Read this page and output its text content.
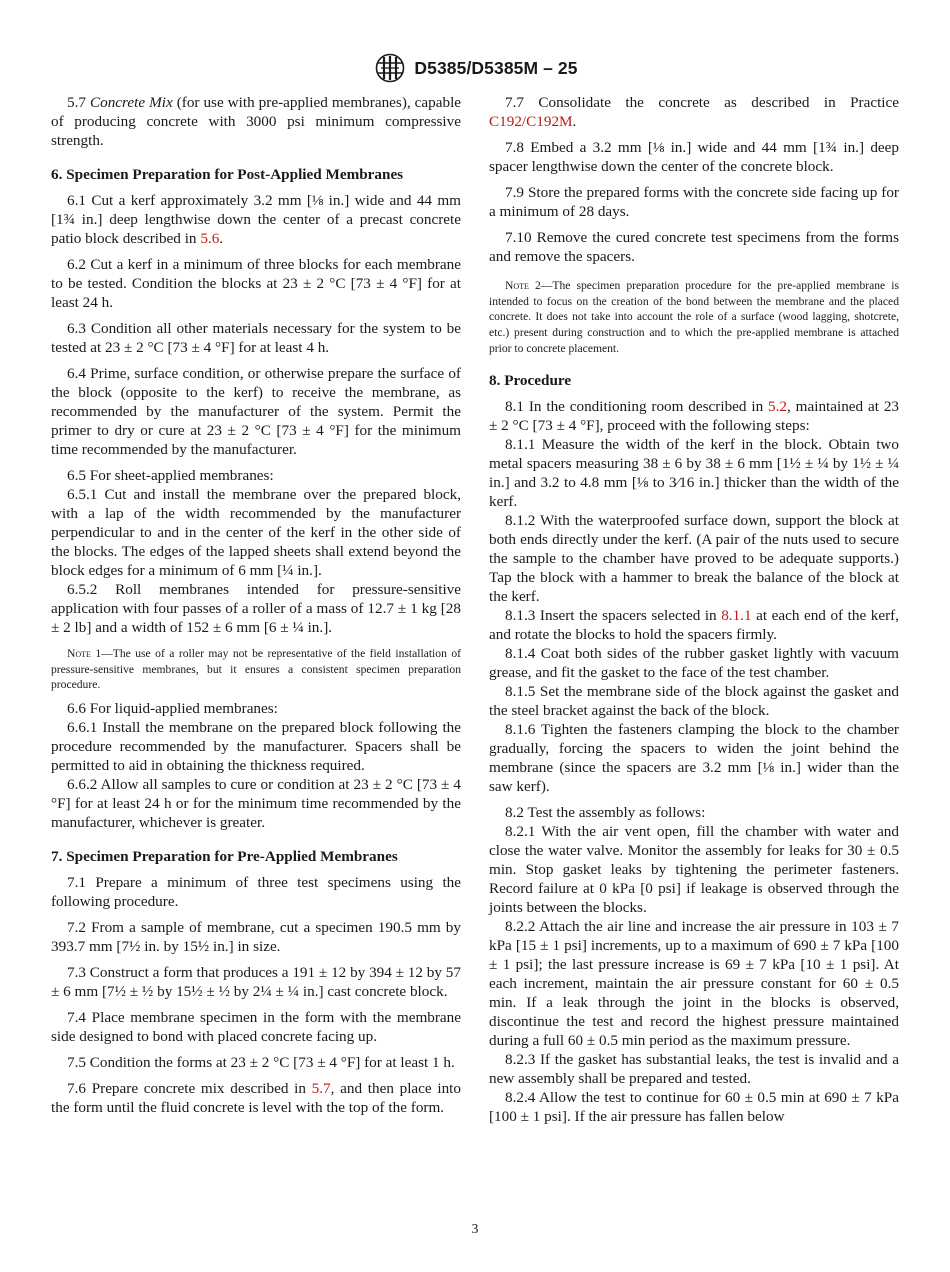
D5385/D5385M – 25

5.7 Concrete Mix (for use with pre-applied membranes), capable of producing concrete with 3000 psi minimum compressive strength.

6. Specimen Preparation for Post-Applied Membranes

6.1 Cut a kerf approximately 3.2 mm [⅛ in.] wide and 44 mm [1¾ in.] deep lengthwise down the center of a precast concrete patio block described in 5.6.

6.2 Cut a kerf in a minimum of three blocks for each membrane to be tested. Condition the blocks at 23 ± 2 °C [73 ± 4 °F] for at least 24 h.

6.3 Condition all other materials necessary for the system to be tested at 23 ± 2 °C [73 ± 4 °F] for at least 4 h.

6.4 Prime, surface condition, or otherwise prepare the surface of the block (opposite to the kerf) to receive the membrane, as recommended by the manufacturer of the system. Permit the primer to dry or cure at 23 ± 2 °C [73 ± 4 °F] for the minimum time recommended by the manufacturer.

6.5 For sheet-applied membranes:

6.5.1 Cut and install the membrane over the prepared block, with a lap of the width recommended by the manufacturer perpendicular to and in the center of the kerf in the other side of the blocks. The edges of the lapped sheets shall extend beyond the block edges for a minimum of 6 mm [¼ in.].

6.5.2 Roll membranes intended for pressure-sensitive application with four passes of a roller of a mass of 12.7 ± 1 kg [28 ± 2 lb] and a width of 152 ± 6 mm [6 ± ¼ in.].

Note 1—The use of a roller may not be representative of the field installation of pressure-sensitive membranes, but it ensures a consistent specimen preparation procedure.

6.6 For liquid-applied membranes:

6.6.1 Install the membrane on the prepared block following the procedure recommended by the manufacturer. Spacers shall be permitted to aid in obtaining the thickness required.

6.6.2 Allow all samples to cure or condition at 23 ± 2 °C [73 ± 4 °F] for at least 24 h or for the minimum time recommended by the manufacturer, whichever is greater.

7. Specimen Preparation for Pre-Applied Membranes

7.1 Prepare a minimum of three test specimens using the following procedure.

7.2 From a sample of membrane, cut a specimen 190.5 mm by 393.7 mm [7½ in. by 15½ in.] in size.

7.3 Construct a form that produces a 191 ± 12 by 394 ± 12 by 57 ± 6 mm [7½ ± ½ by 15½ ± ½ by 2¼ ± ¼ in.] cast concrete block.

7.4 Place membrane specimen in the form with the membrane side designed to bond with placed concrete facing up.

7.5 Condition the forms at 23 ± 2 °C [73 ± 4 °F] for at least 1 h.

7.6 Prepare concrete mix described in 5.7, and then place into the form until the fluid concrete is level with the top of the form.

7.7 Consolidate the concrete as described in Practice C192/C192M.

7.8 Embed a 3.2 mm [⅛ in.] wide and 44 mm [1¾ in.] deep spacer lengthwise down the center of the concrete block.

7.9 Store the prepared forms with the concrete side facing up for a minimum of 28 days.

7.10 Remove the cured concrete test specimens from the forms and remove the spacers.

Note 2—The specimen preparation procedure for the pre-applied membrane is intended to focus on the creation of the bond between the membrane and the placed concrete. It does not take into account the role of a surface (wood lagging, shotcrete, etc.) present during construction and to which the pre-applied membrane is attached prior to concrete placement.
8. Procedure

8.1 In the conditioning room described in 5.2, maintained at 23 ± 2 °C [73 ± 4 °F], proceed with the following steps:

8.1.1 Measure the width of the kerf in the block. Obtain two metal spacers measuring 38 ± 6 by 38 ± 6 mm [1½ ± ¼ by 1½ ± ¼ in.] and 3.2 to 4.8 mm [⅛ to 3⁄16 in.] thicker than the width of the kerf.

8.1.2 With the waterproofed surface down, support the block at both ends directly under the kerf. (A pair of the nuts used to secure the sample to the chamber have proved to be adequate supports.) Tap the block with a hammer to break the balance of the block at the kerf.

8.1.3 Insert the spacers selected in 8.1.1 at each end of the kerf, and rotate the blocks to hold the spacers firmly.

8.1.4 Coat both sides of the rubber gasket lightly with vacuum grease, and fit the gasket to the face of the test chamber.

8.1.5 Set the membrane side of the block against the gasket and the steel bracket against the back of the block.

8.1.6 Tighten the fasteners clamping the block to the chamber gradually, forcing the spacers to widen the joint behind the membrane (since the spacers are 3.2 mm [⅛ in.] wider than the saw kerf).

8.2 Test the assembly as follows:

8.2.1 With the air vent open, fill the chamber with water and close the water valve. Monitor the assembly for leaks for 30 ± 0.5 min. Stop gasket leaks by tightening the perimeter fasteners. Record failure at 0 kPa [0 psi] if leakage is observed through the joints between the blocks.

8.2.2 Attach the air line and increase the air pressure in 103 ± 7 kPa [15 ± 1 psi] increments, up to a maximum of 690 ± 7 kPa [100 ± 1 psi]; the last pressure increase is 69 ± 7 kPa [10 ± 1 psi]. At each increment, maintain the air pressure constant for 60 ± 0.5 min. If a leak through the joint in the blocks is observed, discontinue the test and record the highest pressure maintained during a full 60 ± 0.5 min period as the maximum pressure.

8.2.3 If the gasket has substantial leaks, the test is invalid and a new assembly shall be prepared and tested.

8.2.4 Allow the test to continue for 60 ± 0.5 min at 690 ± 7 kPa [100 ± 1 psi]. If the air pressure has fallen below

3
